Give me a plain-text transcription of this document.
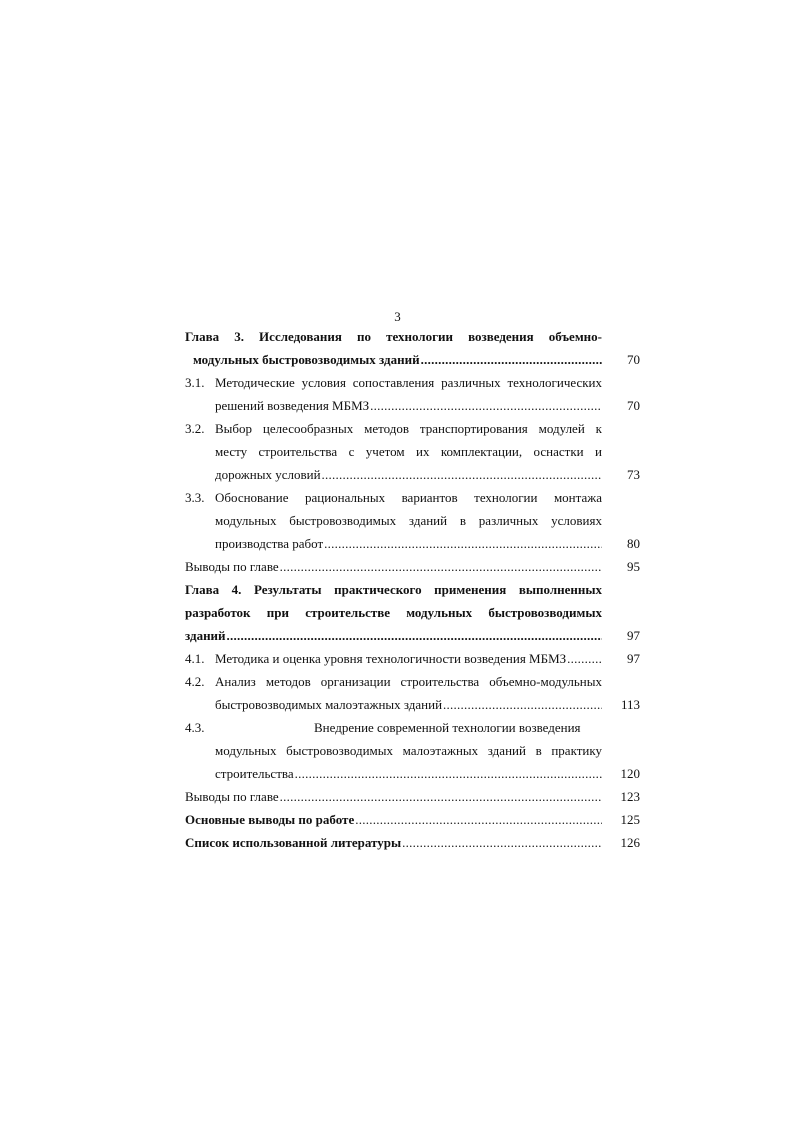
3
Глава 3. Исследования по технологии возведения объемно-
модульных быстровозводимых зданий . . .	70
3.1. Методические условия сопоставления различных технологических
решений возведения МБМЗ . . .	70
3.2. Выбор целесообразных методов транспортирования модулей к
месту строительства с учетом их комплектации, оснастки и
дорожных условий . . .	73
3.3. Обоснование рациональных вариантов технологии монтажа
модульных быстровозводимых зданий в различных условиях
производства работ . . .	80
Выводы по главе . . .	95
Глава 4. Результаты практического применения выполненных
разработок при строительстве модульных быстровозводимых
зданий . . .	97
4.1. Методика и оценка уровня технологичности возведения МБМЗ . . .	97
4.2. Анализ методов организации строительства объемно-модульных
быстровозводимых малоэтажных зданий . . .	113
4.3.	Внедрение современной технологии возведения
модульных быстровозводимых малоэтажных зданий в практику
строительства . . .	120
Выводы по главе . . .	123
Основные выводы по работе . . .	125
Список использованной литературы . . .	126
